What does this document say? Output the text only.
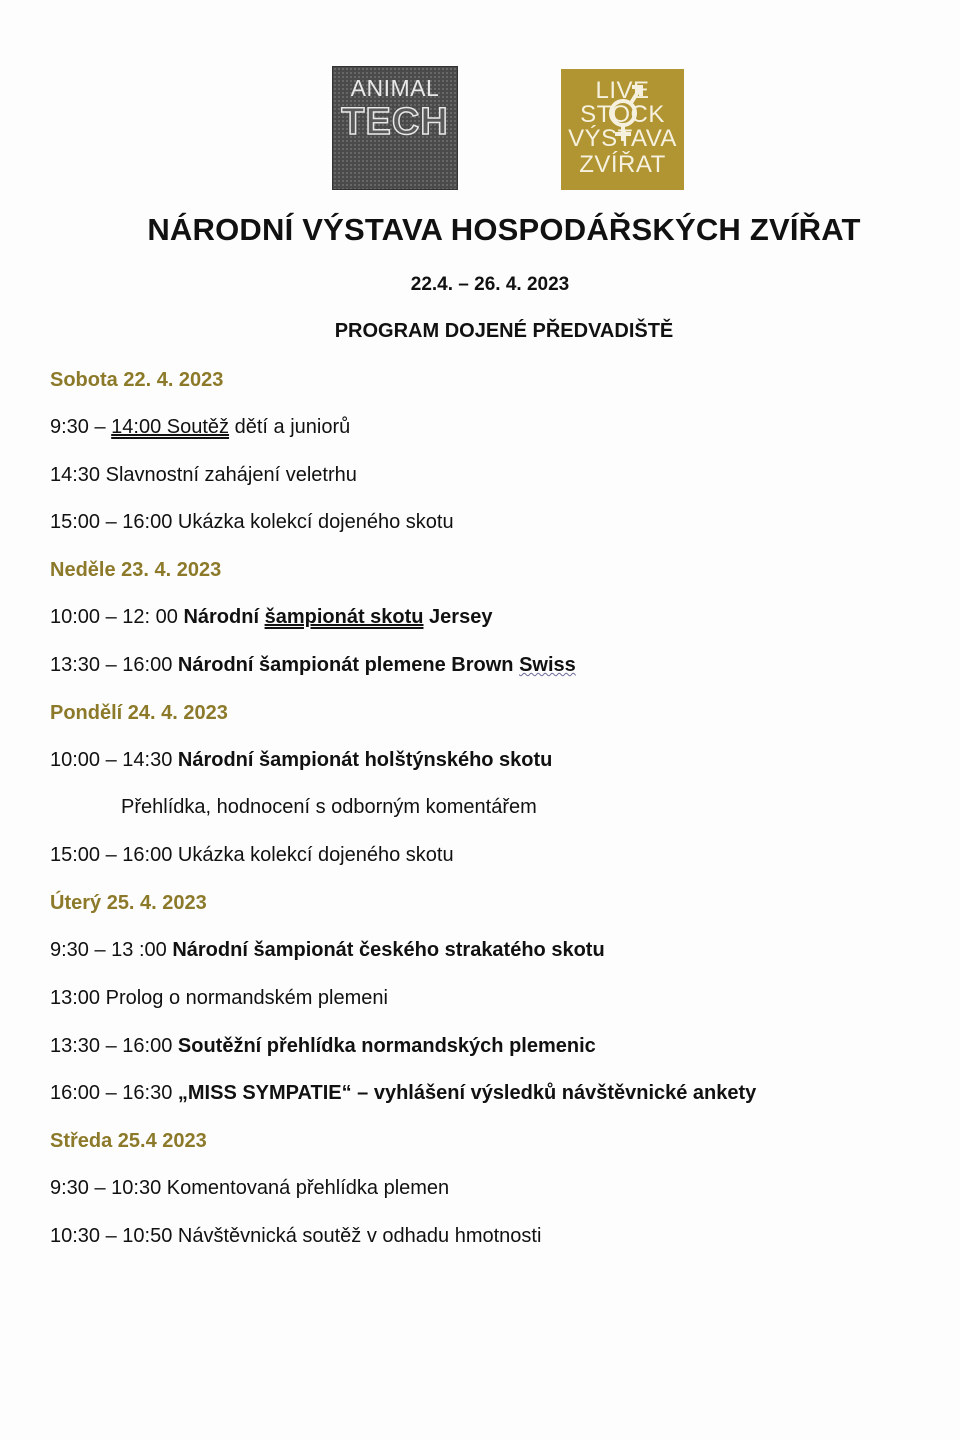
ANIMAL
TECH
LIVE
STOCK
VÝSTAVA
ZVÍŘAT
NÁRODNÍ VÝSTAVA HOSPODÁŘSKÝCH ZVÍŘAT
22.4. – 26. 4. 2023
PROGRAM DOJENÉ PŘEDVADIŠTĚ
Sobota 22. 4. 2023
9:30 – 14:00 Soutěž dětí a juniorů
14:30 Slavnostní zahájení veletrhu
15:00 – 16:00 Ukázka kolekcí dojeného skotu
Neděle 23. 4. 2023
10:00 – 12: 00 Národní šampionát skotu Jersey
13:30 – 16:00 Národní šampionát plemene Brown Swiss
Pondělí 24. 4. 2023
10:00 – 14:30 Národní šampionát holštýnského skotu
Přehlídka, hodnocení s odborným komentářem
15:00 – 16:00 Ukázka kolekcí dojeného skotu
Úterý 25. 4. 2023
9:30 – 13 :00 Národní šampionát českého strakatého skotu
13:00 Prolog o normandském plemeni
13:30 – 16:00 Soutěžní přehlídka normandských plemenic
16:00 – 16:30 „MISS SYMPATIE“ – vyhlášení výsledků návštěvnické ankety
Středa 25.4 2023
9:30 – 10:30 Komentovaná přehlídka plemen
10:30 – 10:50 Návštěvnická soutěž v odhadu hmotnosti
